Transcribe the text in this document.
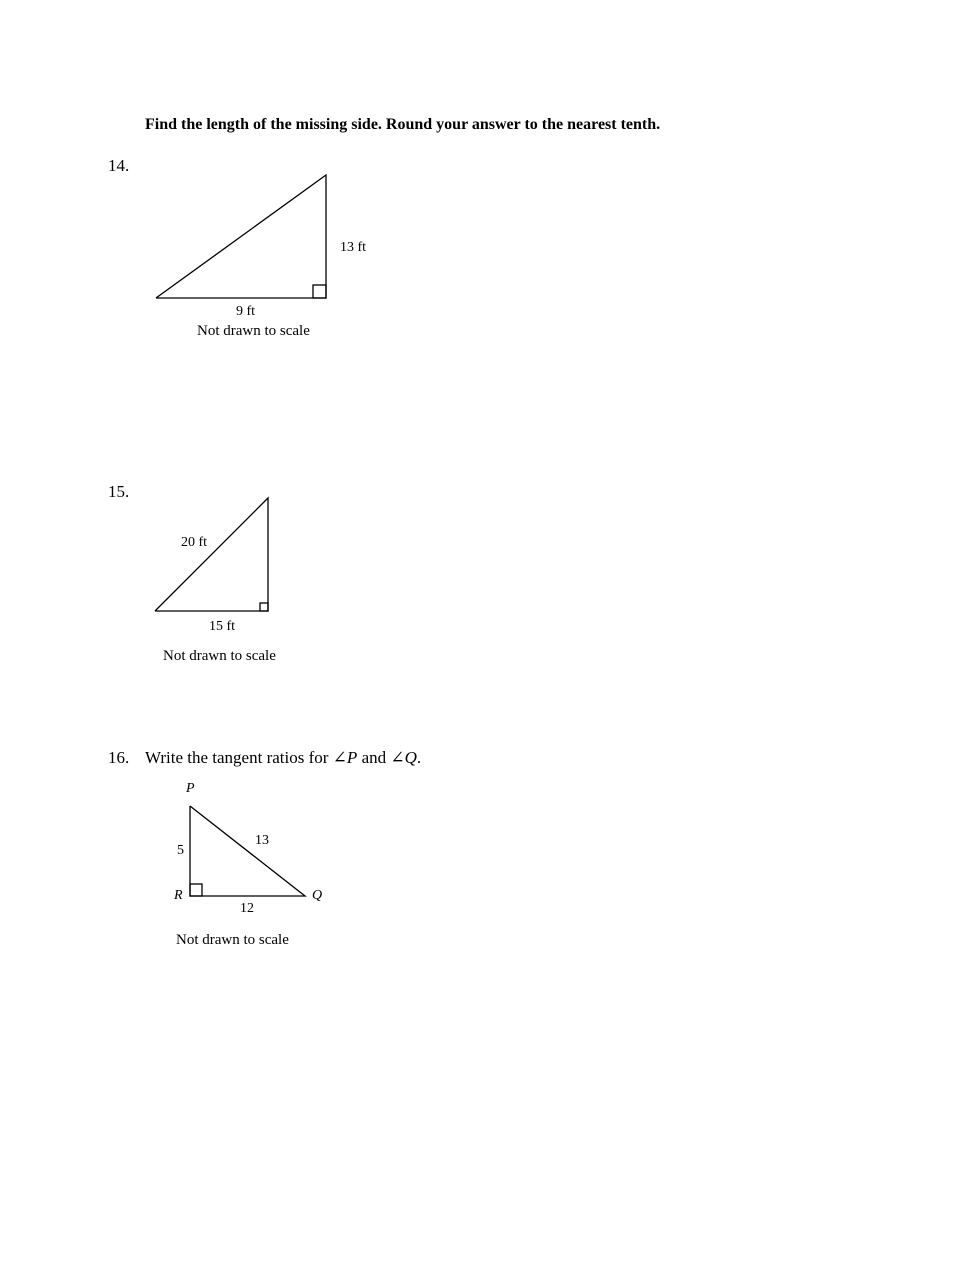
Find the length of the missing side. Round your answer to the nearest tenth.
14.
13 ft
9 ft
Not drawn to scale
15.
20 ft
15 ft
Not drawn to scale
16. Write the tangent ratios for ∠P and ∠Q.
P
R	Q
5
13
12
Not drawn to scale
